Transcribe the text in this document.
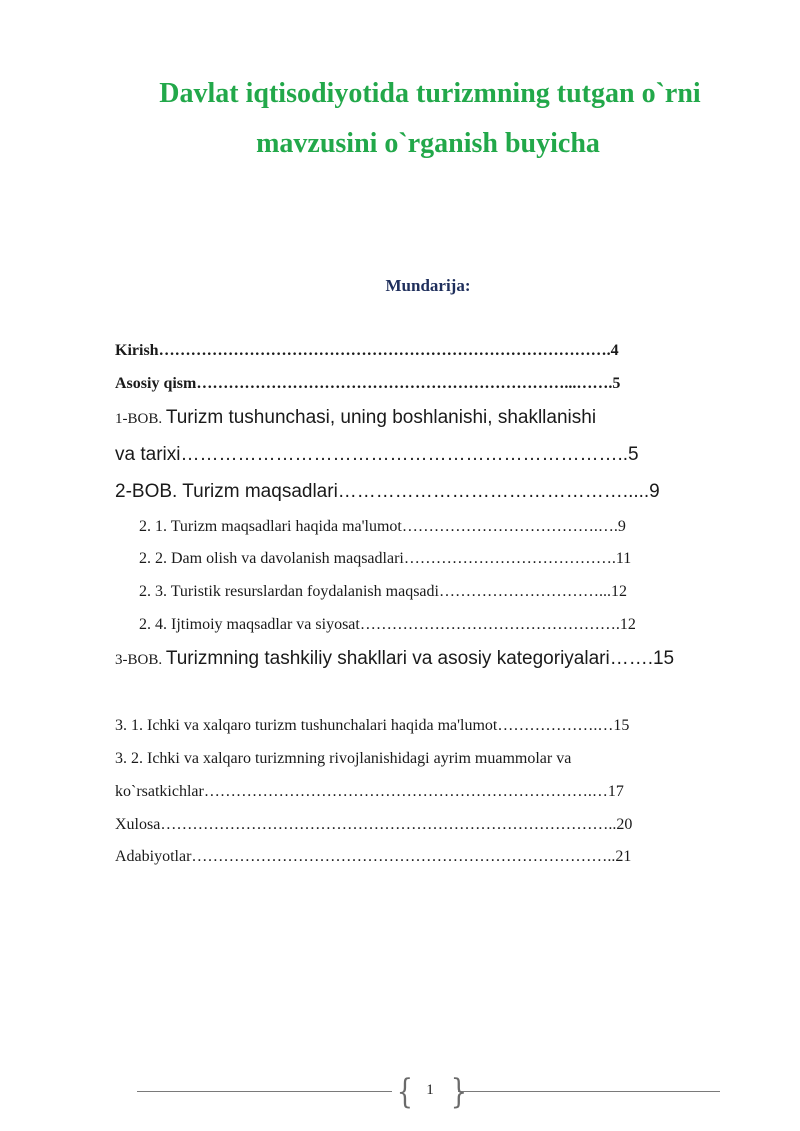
Davlat iqtisodiyotida turizmning tutgan o`rni
mavzusini o`rganish buyicha
Mundarija:
Kirish………………………………………………………………………….4
Asosiy qism……………………………………………………………...…….5
1-BOB. Turizm tushunchasi, uning boshlanishi, shakllanishi
va tarixi……………………………………………………………..5
2-BOB. Turizm maqsadlari……………………………………….....9
2. 1. Turizm maqsadlari haqida ma'lumot……………………………….….9
2. 2. Dam olish va davolanish maqsadlari………………………………….11
2. 3. Turistik resurslardan foydalanish maqsadi…………………………...12
2. 4. Ijtimoiy maqsadlar va siyosat………………………………………….12
3-BOB. Turizmning tashkiliy shakllari va asosiy kategoriyalari…….15
3. 1. Ichki va xalqaro turizm tushunchalari haqida ma'lumot……………….…15
3. 2. Ichki va xalqaro turizmning rivojlanishidagi ayrim muammolar va
ko`rsatkichlar……………………………………………………………….…17
Xulosa…………………………………………………………………………..20
Adabiyotlar……………………………………………………………………..21
{ }
1
